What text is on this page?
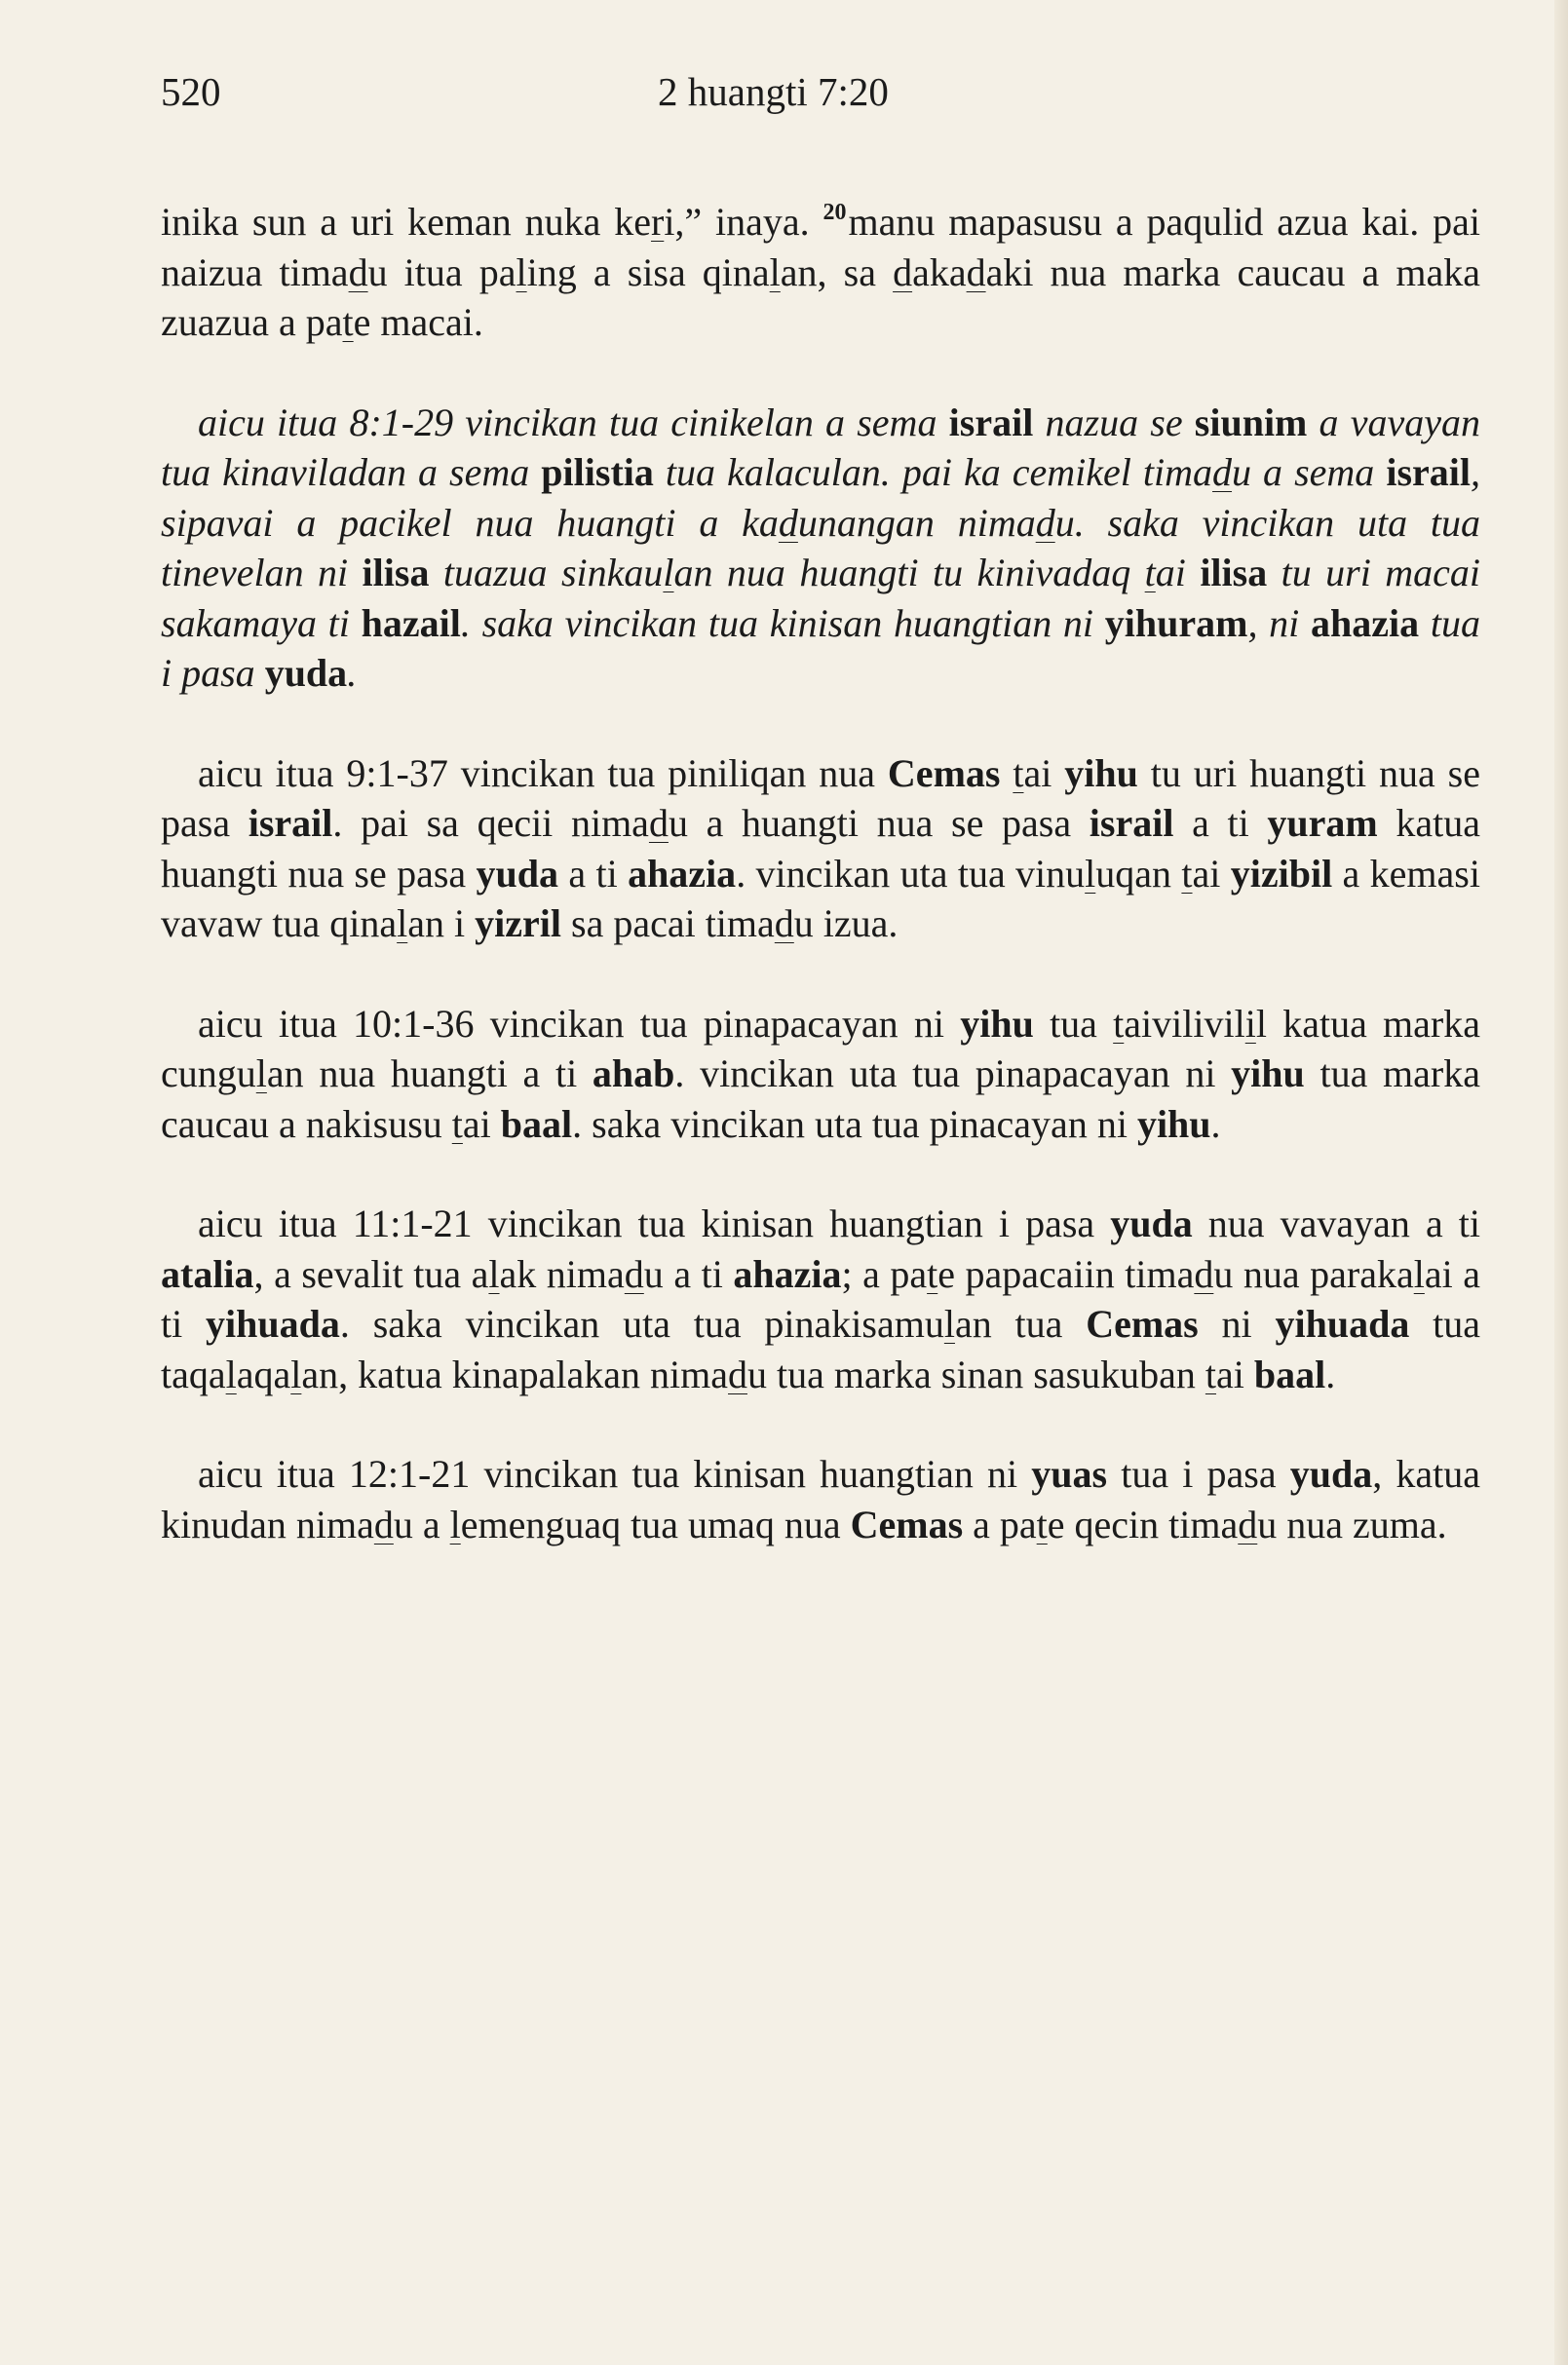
520	2 huangti 7:20

inika sun a uri keman nuka keri,” inaya. $^{20}$manu mapasusu a paqulid azua kai. pai naizua timadu itua paling a sisa qinalan, sa dakadaki nua marka caucau a maka zuazua a pate macai.

aicu itua 8:1-29 vincikan tua cinikelan a sema israil nazua se siunim a vavayan tua kinaviladan a sema pilistia tua kalaculan. pai ka cemikel timadu a sema israil, sipavai a pacikel nua huangti a kadunangan nimadu. saka vincikan uta tua tinevelan ni ilisa tuazua sinkaulan nua huangti tu kinivadaq tai ilisa tu uri macai sakamaya ti hazail. saka vincikan tua kinisan huangtian ni yihuram, ni ahazia tua i pasa yuda.

aicu itua 9:1-37 vincikan tua piniliqan nua Cemas tai yihu tu uri huangti nua se pasa israil. pai sa qecii nimadu a huangti nua se pasa israil a ti yuram katua huangti nua se pasa yuda a ti ahazia. vincikan uta tua vinuluqan tai yizibil a kemasi vavaw tua qinalan i yizril sa pacai timadu izua.

aicu itua 10:1-36 vincikan tua pinapacayan ni yihu tua taivilivilil katua marka cungulan nua huangti a ti ahab. vincikan uta tua pinapacayan ni yihu tua marka caucau a nakisusu tai baal. saka vincikan uta tua pinacayan ni yihu.

aicu itua 11:1-21 vincikan tua kinisan huangtian i pasa yuda nua vavayan a ti atalia, a sevalit tua alak nimadu a ti ahazia; a pate papacaiin timadu nua parakalai a ti yihuada. saka vincikan uta tua pinakisamulan tua Cemas ni yihuada tua taqalaqalan, katua kinapalakan nimadu tua marka sinan sasukuban tai baal.

aicu itua 12:1-21 vincikan tua kinisan huangtian ni yuas tua i pasa yuda, katua kinudan nimadu a lemenguaq tua umaq nua Cemas a pate qecin timadu nua zuma.
